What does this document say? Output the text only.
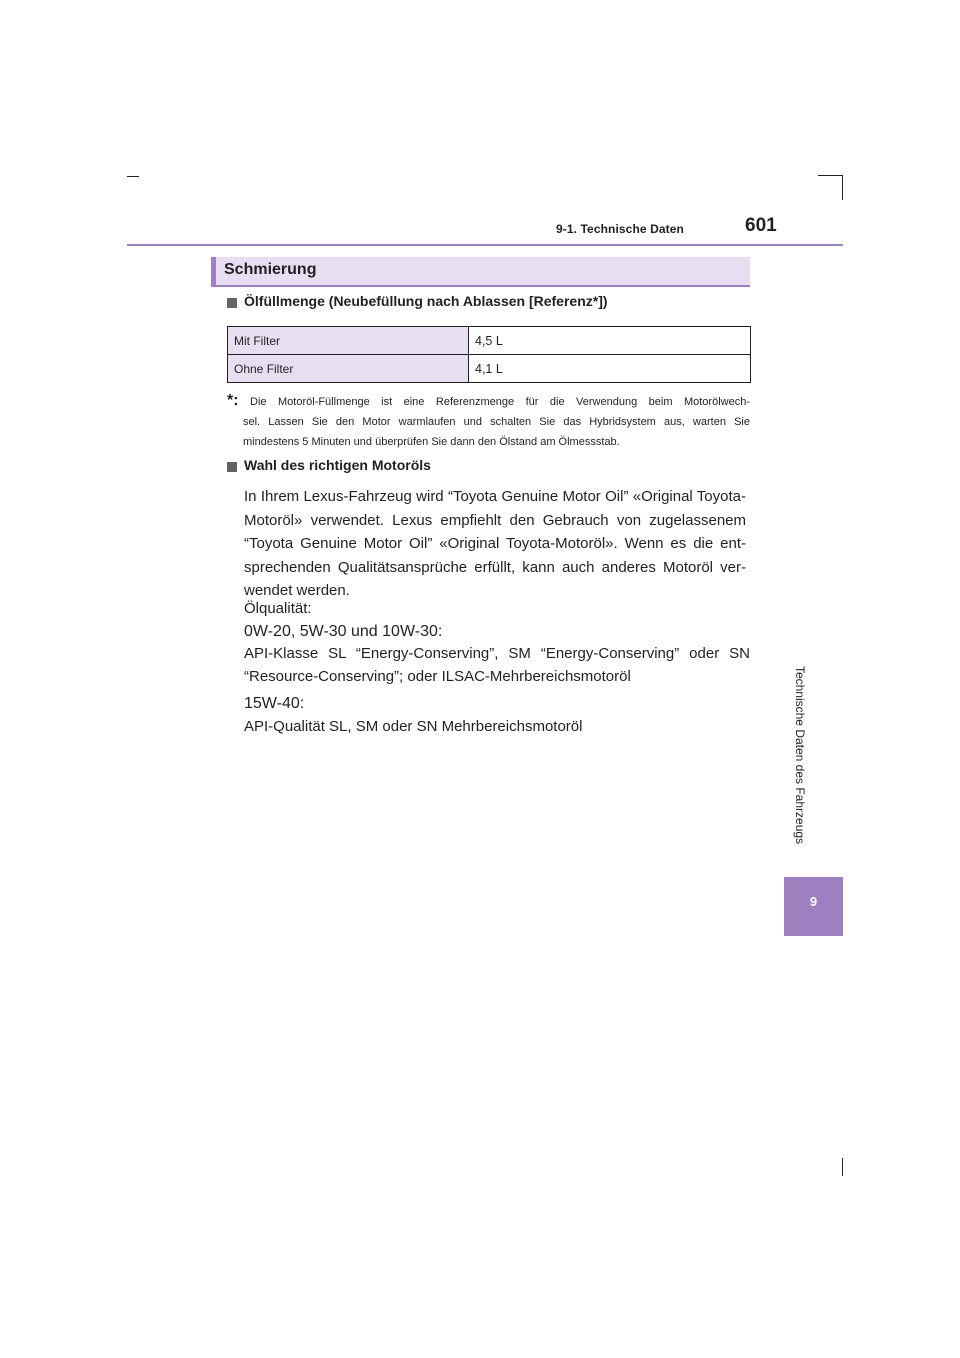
9-1. Technische Daten	601
Technische Daten des Fahrzeugs
9
Schmierung
Ölfüllmenge (Neubefüllung nach Ablassen [Referenz*])
Mit Filter	4,5 L
Ohne Filter	4,1 L
*: Die Motoröl-Füllmenge ist eine Referenzmenge für die Verwendung beim Motorölwech-
sel. Lassen Sie den Motor warmlaufen und schalten Sie das Hybridsystem aus, warten Sie
mindestens 5 Minuten und überprüfen Sie dann den Ölstand am Ölmessstab.
Wahl des richtigen Motoröls
In Ihrem Lexus-Fahrzeug wird “Toyota Genuine Motor Oil” «Original Toyota-
Motoröl» verwendet. Lexus empfiehlt den Gebrauch von zugelassenem
“Toyota Genuine Motor Oil” «Original Toyota-Motoröl». Wenn es die ent-
sprechenden Qualitätsansprüche erfüllt, kann auch anderes Motoröl ver-
wendet werden.
Ölqualität:
0W-20, 5W-30 und 10W-30:
API-Klasse SL “Energy-Conserving”, SM “Energy-Conserving” oder SN
“Resource-Conserving”; oder ILSAC-Mehrbereichsmotoröl
15W-40:
API-Qualität SL, SM oder SN Mehrbereichsmotoröl
